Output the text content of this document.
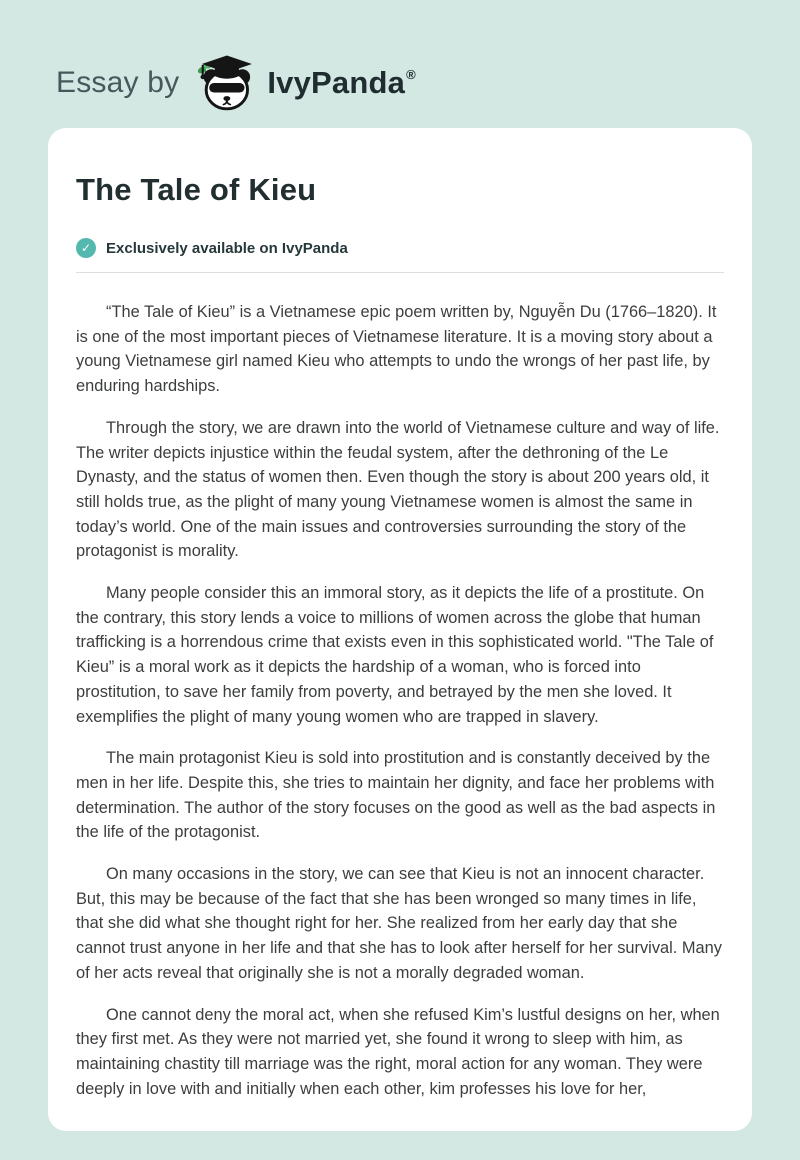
Essay by	IvyPanda®
The Tale of Kieu
✓ Exclusively available on IvyPanda

“The Tale of Kieu” is a Vietnamese epic poem written by, Nguyễn Du (1766–1820). It is one of the most important pieces of Vietnamese literature. It is a moving story about a young Vietnamese girl named Kieu who attempts to undo the wrongs of her past life, by enduring hardships.

Through the story, we are drawn into the world of Vietnamese culture and way of life. The writer depicts injustice within the feudal system, after the dethroning of the Le Dynasty, and the status of women then. Even though the story is about 200 years old, it still holds true, as the plight of many young Vietnamese women is almost the same in today’s world. One of the main issues and controversies surrounding the story of the protagonist is morality.

Many people consider this an immoral story, as it depicts the life of a prostitute. On the contrary, this story lends a voice to millions of women across the globe that human trafficking is a horrendous crime that exists even in this sophisticated world. "The Tale of Kieu” is a moral work as it depicts the hardship of a woman, who is forced into prostitution, to save her family from poverty, and betrayed by the men she loved. It exemplifies the plight of many young women who are trapped in slavery.

The main protagonist Kieu is sold into prostitution and is constantly deceived by the men in her life. Despite this, she tries to maintain her dignity, and face her problems with determination. The author of the story focuses on the good as well as the bad aspects in the life of the protagonist.

On many occasions in the story, we can see that Kieu is not an innocent character. But, this may be because of the fact that she has been wronged so many times in life, that she did what she thought right for her. She realized from her early day that she cannot trust anyone in her life and that she has to look after herself for her survival. Many of her acts reveal that originally she is not a morally degraded woman.

One cannot deny the moral act, when she refused Kim’s lustful designs on her, when they first met. As they were not married yet, she found it wrong to sleep with him, as maintaining chastity till marriage was the right, moral action for any woman. They were deeply in love with and initially when each other, kim professes his love for her,
